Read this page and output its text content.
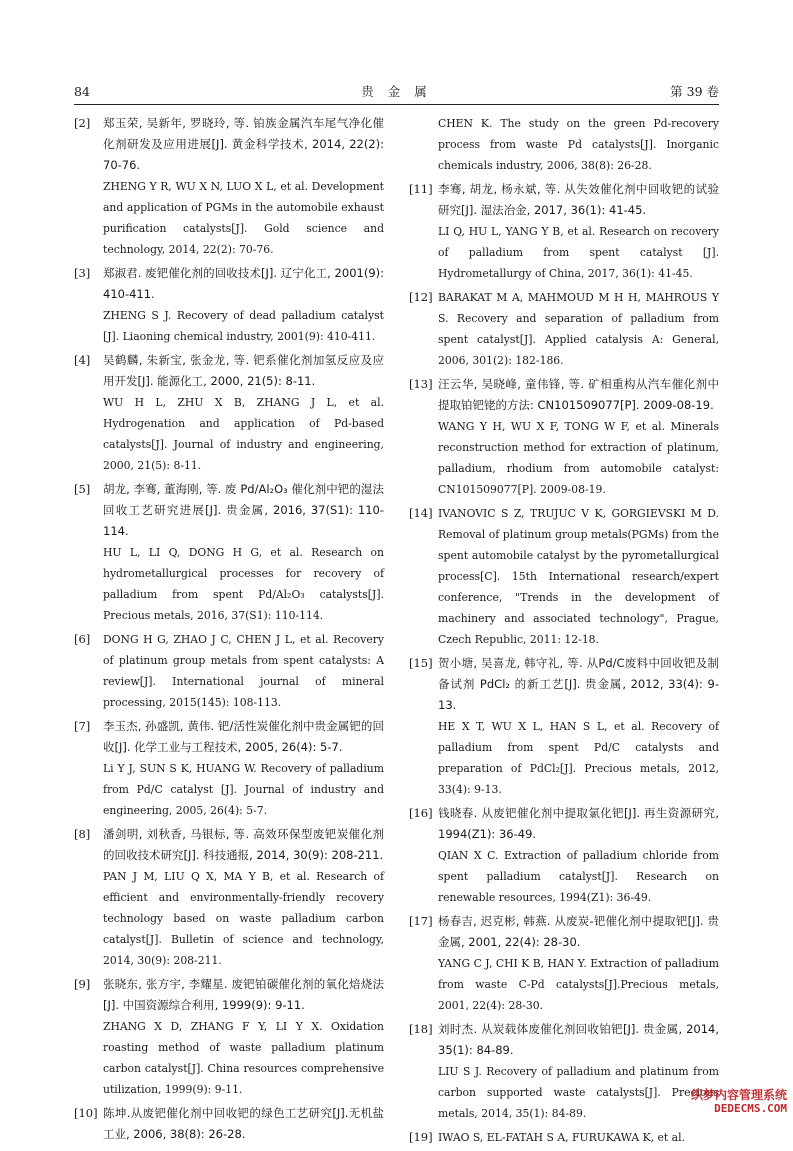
84	贵 金 属	第 39 卷
[2] 郑玉荣, 吴新年, 罗晓玲, 等. 铂族金属汽车尾气净化催化剂研发及应用进展[J]. 黄金科学技术, 2014, 22(2): 70-76.
ZHENG Y R, WU X N, LUO X L, et al. Development and application of PGMs in the automobile exhaust purification catalysts[J]. Gold science and technology, 2014, 22(2): 70-76.
[3] 郑淑君. 废钯催化剂的回收技术[J]. 辽宁化工, 2001(9): 410-411.
ZHENG S J. Recovery of dead palladium catalyst [J]. Liaoning chemical industry, 2001(9): 410-411.
[4] 吴鹤麟, 朱新宝, 张金龙, 等. 钯系催化剂加氢反应及应用开发[J]. 能源化工, 2000, 21(5): 8-11.
WU H L, ZHU X B, ZHANG J L, et al. Hydrogenation and application of Pd-based catalysts[J]. Journal of industry and engineering, 2000, 21(5): 8-11.
[5] 胡龙, 李骞, 董海刚, 等. 废 Pd/Al₂O₃ 催化剂中钯的湿法回收工艺研究进展[J]. 贵金属, 2016, 37(S1): 110-114.
HU L, LI Q, DONG H G, et al. Research on hydrometallurgical processes for recovery of palladium from spent Pd/Al₂O₃ catalysts[J]. Precious metals, 2016, 37(S1): 110-114.
[6] DONG H G, ZHAO J C, CHEN J L, et al. Recovery of platinum group metals from spent catalysts: A review[J]. International journal of mineral processing, 2015(145): 108-113.
[7] 李玉杰, 孙盛凯, 黄伟. 钯/活性炭催化剂中贵金属钯的回收[J]. 化学工业与工程技术, 2005, 26(4): 5-7.
Li Y J, SUN S K, HUANG W. Recovery of palladium from Pd/C catalyst [J]. Journal of industry and engineering, 2005, 26(4): 5-7.
[8] 潘剑明, 刘秋香, 马银标, 等. 高效环保型废钯炭催化剂的回收技术研究[J]. 科技通报, 2014, 30(9): 208-211.
PAN J M, LIU Q X, MA Y B, et al. Research of efficient and environmentally-friendly recovery technology based on waste palladium carbon catalyst[J]. Bulletin of science and technology, 2014, 30(9): 208-211.
[9] 张晓东, 张方宇, 李耀星. 废钯铂碳催化剂的氧化焙烧法[J]. 中国资源综合利用, 1999(9): 9-11.
ZHANG X D, ZHANG F Y, LI Y X. Oxidation roasting method of waste palladium platinum carbon catalyst[J]. China resources comprehensive utilization, 1999(9): 9-11.
[10] 陈坤.从废钯催化剂中回收钯的绿色工艺研究[J].无机盐工业, 2006, 38(8): 26-28.
CHEN K. The study on the green Pd-recovery process from waste Pd catalysts[J]. Inorganic chemicals industry, 2006, 38(8): 26-28.
[11] 李骞, 胡龙, 杨永斌, 等. 从失效催化剂中回收钯的试验研究[J]. 湿法冶金, 2017, 36(1): 41-45.
LI Q, HU L, YANG Y B, et al. Research on recovery of palladium from spent catalyst [J]. Hydrometallurgy of China, 2017, 36(1): 41-45.
[12] BARAKAT M A, MAHMOUD M H H, MAHROUS Y S. Recovery and separation of palladium from spent catalyst[J]. Applied catalysis A: General, 2006, 301(2): 182-186.
[13] 汪云华, 吴晓峰, 童伟锋, 等. 矿相重构从汽车催化剂中提取铂钯铑的方法: CN101509077[P]. 2009-08-19.
WANG Y H, WU X F, TONG W F, et al. Minerals reconstruction method for extraction of platinum, palladium, rhodium from automobile catalyst: CN101509077[P]. 2009-08-19.
[14] IVANOVIC S Z, TRUJUC V K, GORGIEVSKI M D. Removal of platinum group metals(PGMs) from the spent automobile catalyst by the pyrometallurgical process[C]. 15th International research/expert conference, "Trends in the development of machinery and associated technology", Prague, Czech Republic, 2011: 12-18.
[15] 贺小塘, 吴喜龙, 韩守礼, 等. 从Pd/C废料中回收钯及制备试剂 PdCl₂ 的新工艺[J]. 贵金属, 2012, 33(4): 9-13.
HE X T, WU X L, HAN S L, et al. Recovery of palladium from spent Pd/C catalysts and preparation of PdCl₂[J]. Precious metals, 2012, 33(4): 9-13.
[16] 钱晓春. 从废钯催化剂中提取氯化钯[J]. 再生资源研究, 1994(Z1): 36-49.
QIAN X C. Extraction of palladium chloride from spent palladium catalyst[J]. Research on renewable resources, 1994(Z1): 36-49.
[17] 杨春吉, 迟克彬, 韩燕. 从废炭-钯催化剂中提取钯[J]. 贵金属, 2001, 22(4): 28-30.
YANG C J, CHI K B, HAN Y. Extraction of palladium from waste C-Pd catalysts[J].Precious metals, 2001, 22(4): 28-30.
[18] 刘时杰. 从炭载体废催化剂回收铂钯[J]. 贵金属, 2014, 35(1): 84-89.
LIU S J. Recovery of palladium and platinum from carbon supported waste catalysts[J]. Precious metals, 2014, 35(1): 84-89.
[19] IWAO S, EL-FATAH S A, FURUKAWA K, et al.
织梦内容管理系统
DEDECMS.COM
